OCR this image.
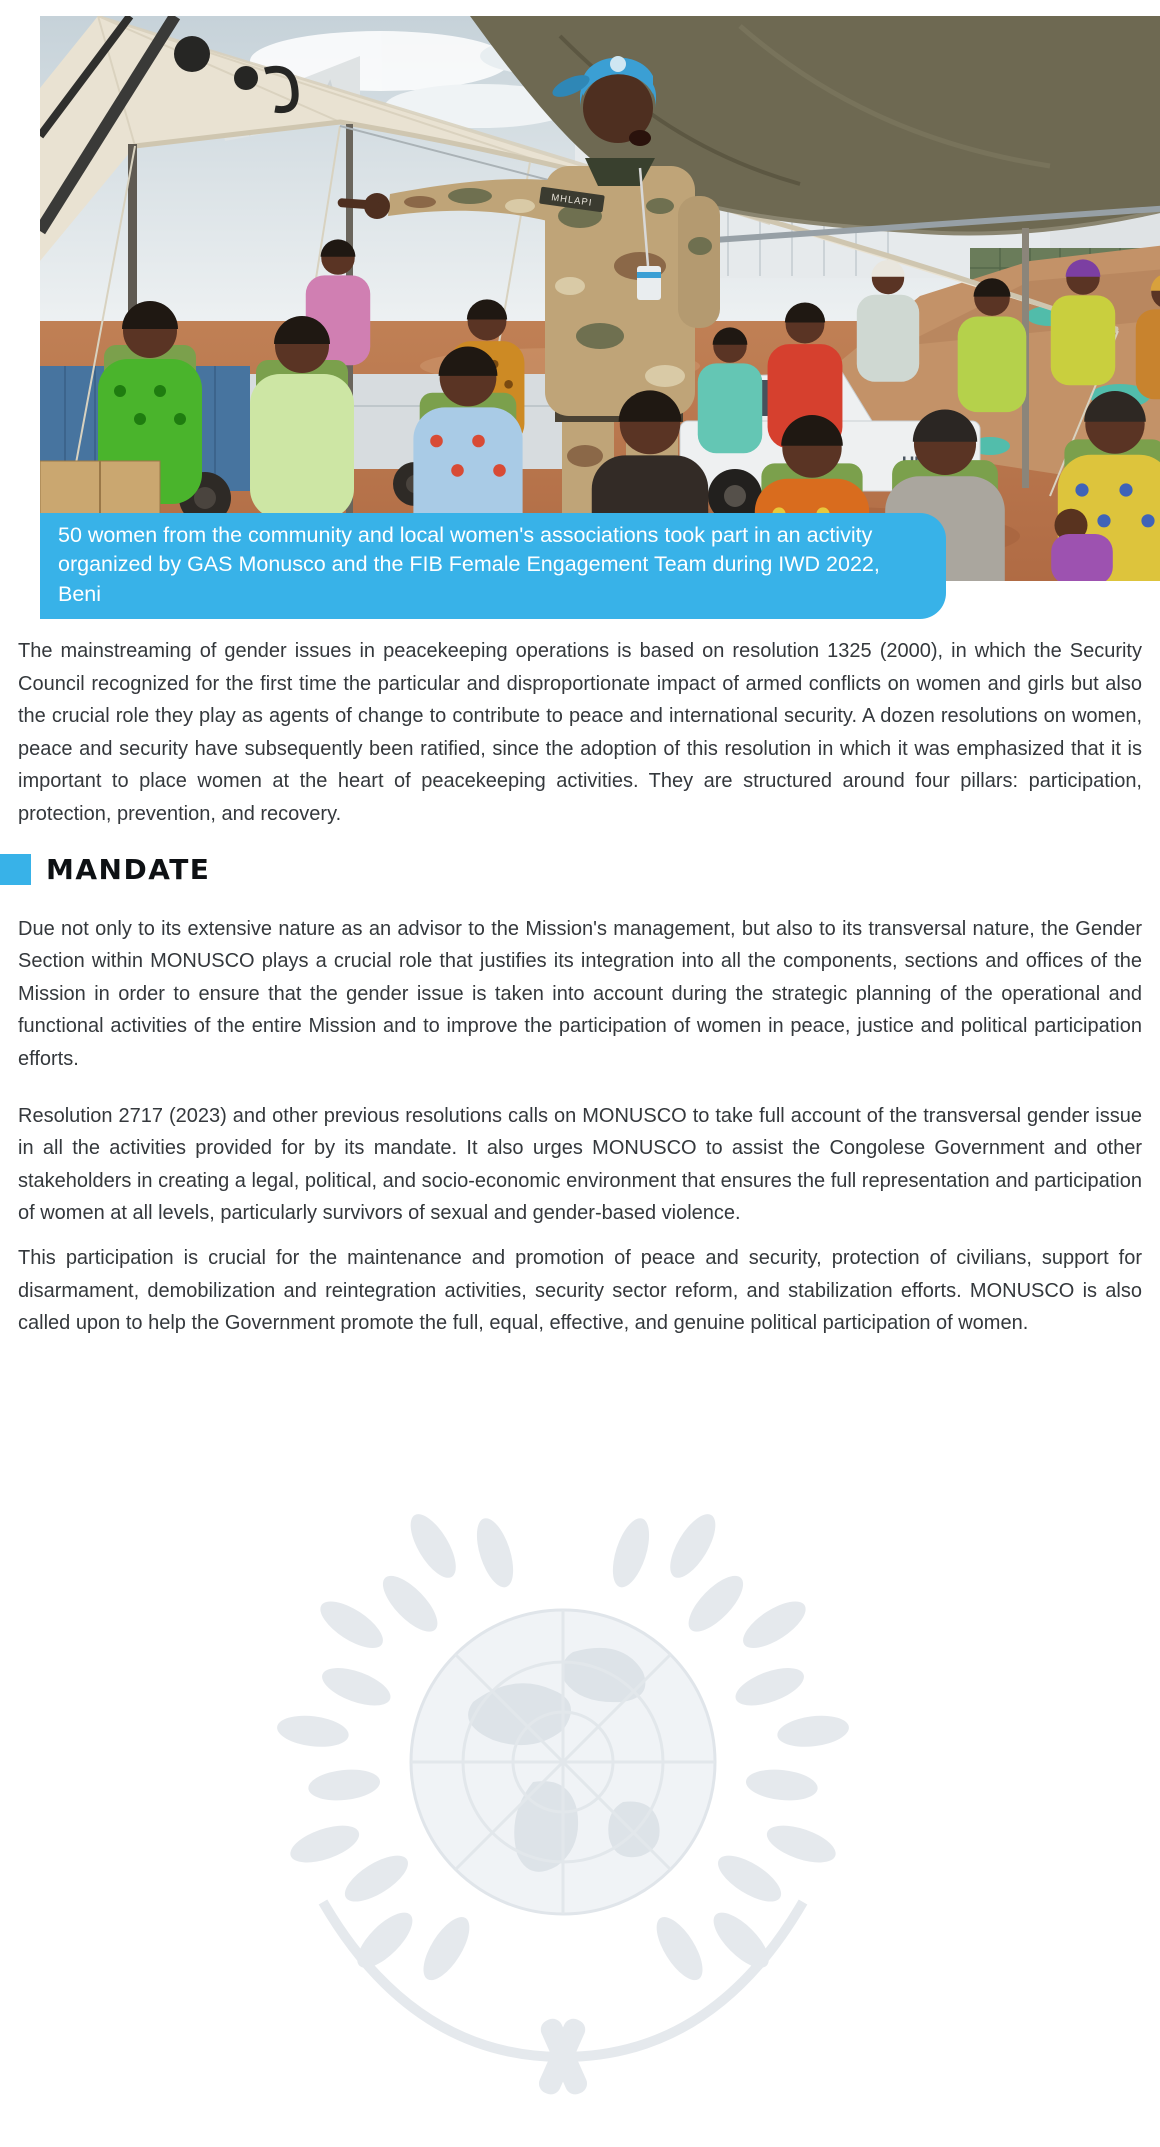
MHLAPI
50 women from the community and local women's associations took part in an activity organized by GAS Monusco and the FIB Female Engagement Team during IWD 2022, Beni

The mainstreaming of gender issues in peacekeeping operations is based on resolution 1325 (2000), in which the Security Council recognized for the first time the particular and disproportionate impact of armed conflicts on women and girls but also the crucial role they play as agents of change to contribute to peace and international security. A dozen resolutions on women, peace and security have subsequently been ratified, since the adoption of this resolution in which it was emphasized that it is important to place women at the heart of peacekeeping activities. They are structured around four pillars: participation, protection, prevention, and recovery.

MANDATE

Due not only to its extensive nature as an advisor to the Mission's management, but also to its transversal nature, the Gender Section within MONUSCO plays a crucial role that justifies its integration into all the components, sections and offices of the Mission in order to ensure that the gender issue is taken into account during the strategic planning of the operational and functional activities of the entire Mission and to improve the participation of women in peace, justice and political participation efforts.

Resolution 2717 (2023) and other previous resolutions calls on MONUSCO to take full account of the transversal gender issue in all the activities provided for by its mandate. It also urges MONUSCO to assist the Congolese Government and other stakeholders in creating a legal, political, and socio-economic environment that ensures the full representation and participation of women at all levels, particularly survivors of sexual and gender-based violence.

This participation is crucial for the maintenance and promotion of peace and security, protection of civilians, support for disarmament, demobilization and reintegration activities, security sector reform, and stabilization efforts. MONUSCO is also called upon to help the Government promote the full, equal, effective, and genuine political participation of women.
